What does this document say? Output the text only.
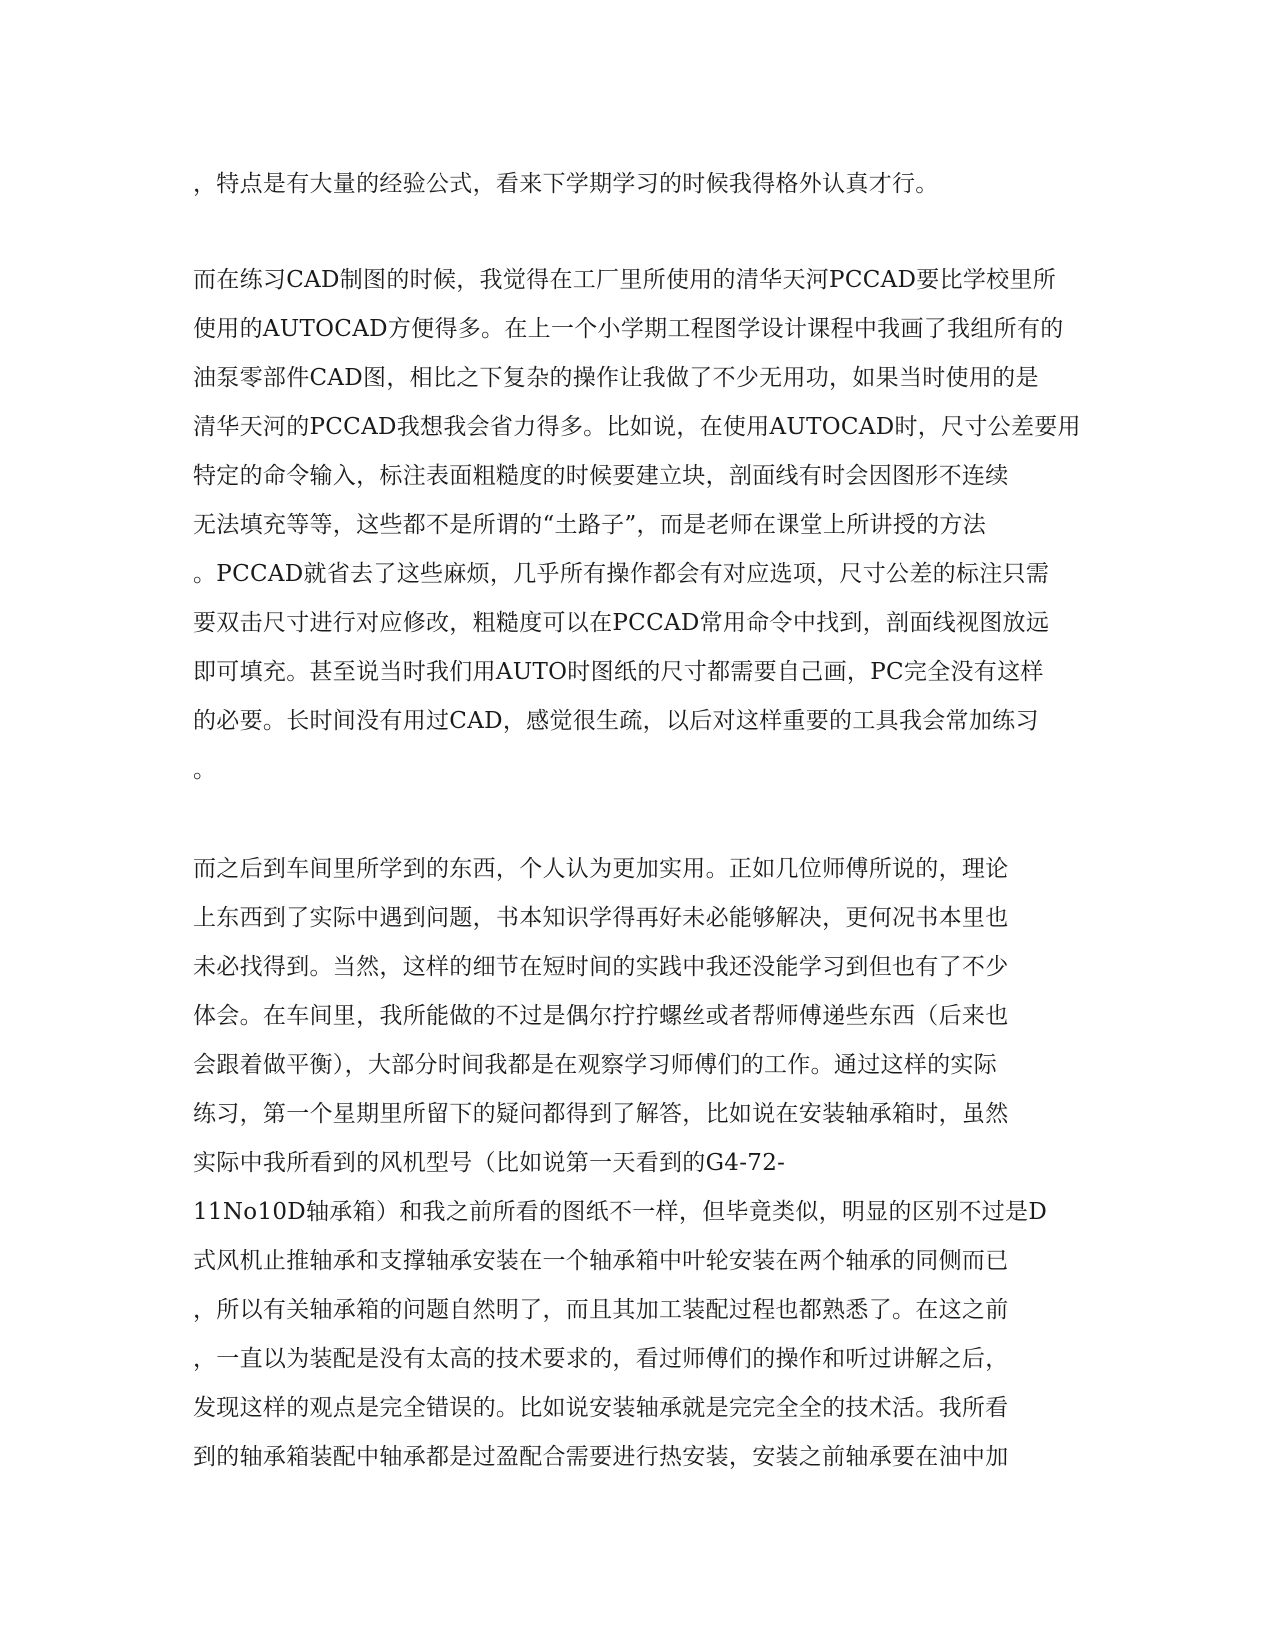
，特点是有大量的经验公式，看来下学期学习的时候我得格外认真才行。
而在练习CAD制图的时候，我觉得在工厂里所使用的清华天河PCCAD要比学校里所
使用的AUTOCAD方便得多。在上一个小学期工程图学设计课程中我画了我组所有的
油泵零部件CAD图，相比之下复杂的操作让我做了不少无用功，如果当时使用的是
清华天河的PCCAD我想我会省力得多。比如说，在使用AUTOCAD时，尺寸公差要用
特定的命令输入，标注表面粗糙度的时候要建立块，剖面线有时会因图形不连续
无法填充等等，这些都不是所谓的“土路子”，而是老师在课堂上所讲授的方法
。PCCAD就省去了这些麻烦，几乎所有操作都会有对应选项，尺寸公差的标注只需
要双击尺寸进行对应修改，粗糙度可以在PCCAD常用命令中找到，剖面线视图放远
即可填充。甚至说当时我们用AUTO时图纸的尺寸都需要自己画，PC完全没有这样
的必要。长时间没有用过CAD，感觉很生疏，以后对这样重要的工具我会常加练习
。
而之后到车间里所学到的东西，个人认为更加实用。正如几位师傅所说的，理论
上东西到了实际中遇到问题，书本知识学得再好未必能够解决，更何况书本里也
未必找得到。当然，这样的细节在短时间的实践中我还没能学习到但也有了不少
体会。在车间里，我所能做的不过是偶尔拧拧螺丝或者帮师傅递些东西（后来也
会跟着做平衡），大部分时间我都是在观察学习师傅们的工作。通过这样的实际
练习，第一个星期里所留下的疑问都得到了解答，比如说在安装轴承箱时，虽然
实际中我所看到的风机型号（比如说第一天看到的G4-72-
11No10D轴承箱）和我之前所看的图纸不一样，但毕竟类似，明显的区别不过是D
式风机止推轴承和支撑轴承安装在一个轴承箱中叶轮安装在两个轴承的同侧而已
，所以有关轴承箱的问题自然明了，而且其加工装配过程也都熟悉了。在这之前
，一直以为装配是没有太高的技术要求的，看过师傅们的操作和听过讲解之后，
发现这样的观点是完全错误的。比如说安装轴承就是完完全全的技术活。我所看
到的轴承箱装配中轴承都是过盈配合需要进行热安装，安装之前轴承要在油中加
